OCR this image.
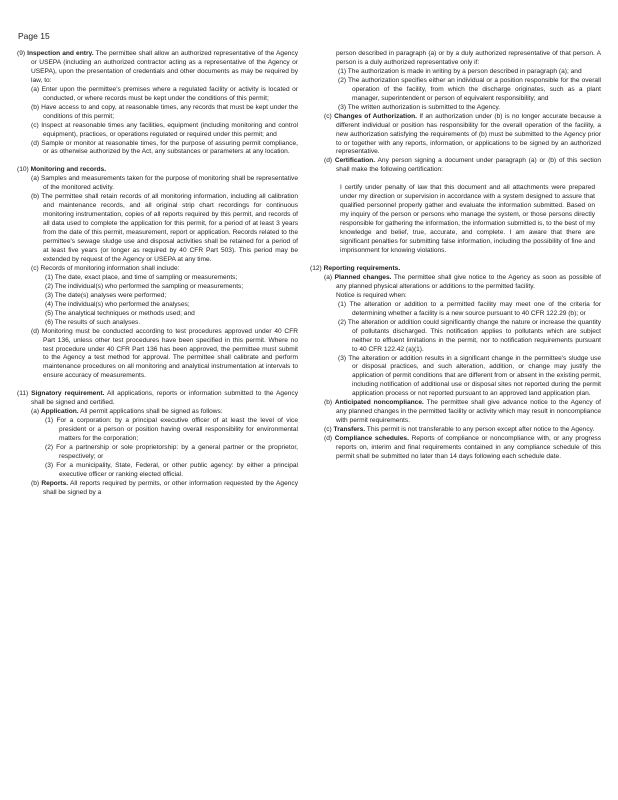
Page 15

(9) Inspection and entry. The permittee shall allow an authorized representative of the Agency or USEPA (including an authorized contractor acting as a representative of the Agency or USEPA), upon the presentation of credentials and other documents as may be required by law, to:

(a) Enter upon the permittee's premises where a regulated facility or activity is located or conducted, or where records must be kept under the conditions of this permit;

(b) Have access to and copy, at reasonable times, any records that must be kept under the conditions of this permit;

(c) Inspect at reasonable times any facilities, equipment (including monitoring and control equipment), practices, or operations regulated or required under this permit; and

(d) Sample or monitor at reasonable times, for the purpose of assuring permit compliance, or as otherwise authorized by the Act, any substances or parameters at any location.

(10) Monitoring and records.

(a) Samples and measurements taken for the purpose of monitoring shall be representative of the monitored activity.

(b) The permittee shall retain records of all monitoring information, including all calibration and maintenance records, and all original strip chart recordings for continuous monitoring instrumentation, copies of all reports required by this permit, and records of all data used to complete the application for this permit, for a period of at least 3 years from the date of this permit, measurement, report or application. Records related to the permittee's sewage sludge use and disposal activities shall be retained for a period of at least five years (or longer as required by 40 CFR Part 503). This period may be extended by request of the Agency or USEPA at any time.

(c) Records of monitoring information shall include:

(1) The date, exact place, and time of sampling or measurements;

(2) The individual(s) who performed the sampling or measurements;

(3) The date(s) analyses were performed;

(4) The individual(s) who performed the analyses;

(5) The analytical techniques or methods used; and

(6) The results of such analyses.

(d) Monitoring must be conducted according to test procedures approved under 40 CFR Part 136, unless other test procedures have been specified in this permit. Where no test procedure under 40 CFR Part 136 has been approved, the permittee must submit to the Agency a test method for approval. The permittee shall calibrate and perform maintenance procedures on all monitoring and analytical instrumentation at intervals to ensure accuracy of measurements.

(11) Signatory requirement. All applications, reports or information submitted to the Agency shall be signed and certified.

(a) Application. All permit applications shall be signed as follows:

(1) For a corporation: by a principal executive officer of at least the level of vice president or a person or position having overall responsibility for environmental matters for the corporation;

(2) For a partnership or sole proprietorship: by a general partner or the proprietor, respectively; or

(3) For a municipality, State, Federal, or other public agency: by either a principal executive officer or ranking elected official.

(b) Reports. All reports required by permits, or other information requested by the Agency shall be signed by a

person described in paragraph (a) or by a duly authorized representative of that person. A person is a duly authorized representative only if:

(1) The authorization is made in writing by a person described in paragraph (a); and

(2) The authorization specifies either an individual or a position responsible for the overall operation of the facility, from which the discharge originates, such as a plant manager, superintendent or person of equivalent responsibility; and

(3) The written authorization is submitted to the Agency.

(c) Changes of Authorization. If an authorization under (b) is no longer accurate because a different individual or position has responsibility for the overall operation of the facility, a new authorization satisfying the requirements of (b) must be submitted to the Agency prior to or together with any reports, information, or applications to be signed by an authorized representative.

(d) Certification. Any person signing a document under paragraph (a) or (b) of this section shall make the following certification:

I certify under penalty of law that this document and all attachments were prepared under my direction or supervision in accordance with a system designed to assure that qualified personnel properly gather and evaluate the information submitted. Based on my inquiry of the person or persons who manage the system, or those persons directly responsible for gathering the information, the information submitted is, to the best of my knowledge and belief, true, accurate, and complete. I am aware that there are significant penalties for submitting false information, including the possibility of fine and imprisonment for knowing violations.

(12) Reporting requirements.

(a) Planned changes. The permittee shall give notice to the Agency as soon as possible of any planned physical alterations or additions to the permitted facility.

Notice is required when:

(1) The alteration or addition to a permitted facility may meet one of the criteria for determining whether a facility is a new source pursuant to 40 CFR 122.29 (b); or

(2) The alteration or addition could significantly change the nature or increase the quantity of pollutants discharged. This notification applies to pollutants which are subject neither to effluent limitations in the permit, nor to notification requirements pursuant to 40 CFR 122.42 (a)(1).

(3) The alteration or addition results in a significant change in the permittee's sludge use or disposal practices, and such alteration, addition, or change may justify the application of permit conditions that are different from or absent in the existing permit, including notification of additional use or disposal sites not reported during the permit application process or not reported pursuant to an approved land application plan.

(b) Anticipated noncompliance. The permittee shall give advance notice to the Agency of any planned changes in the permitted facility or activity which may result in noncompliance with permit requirements.

(c) Transfers. This permit is not transferable to any person except after notice to the Agency.

(d) Compliance schedules. Reports of compliance or noncompliance with, or any progress reports on, interim and final requirements contained in any compliance schedule of this permit shall be submitted no later than 14 days following each schedule date.
